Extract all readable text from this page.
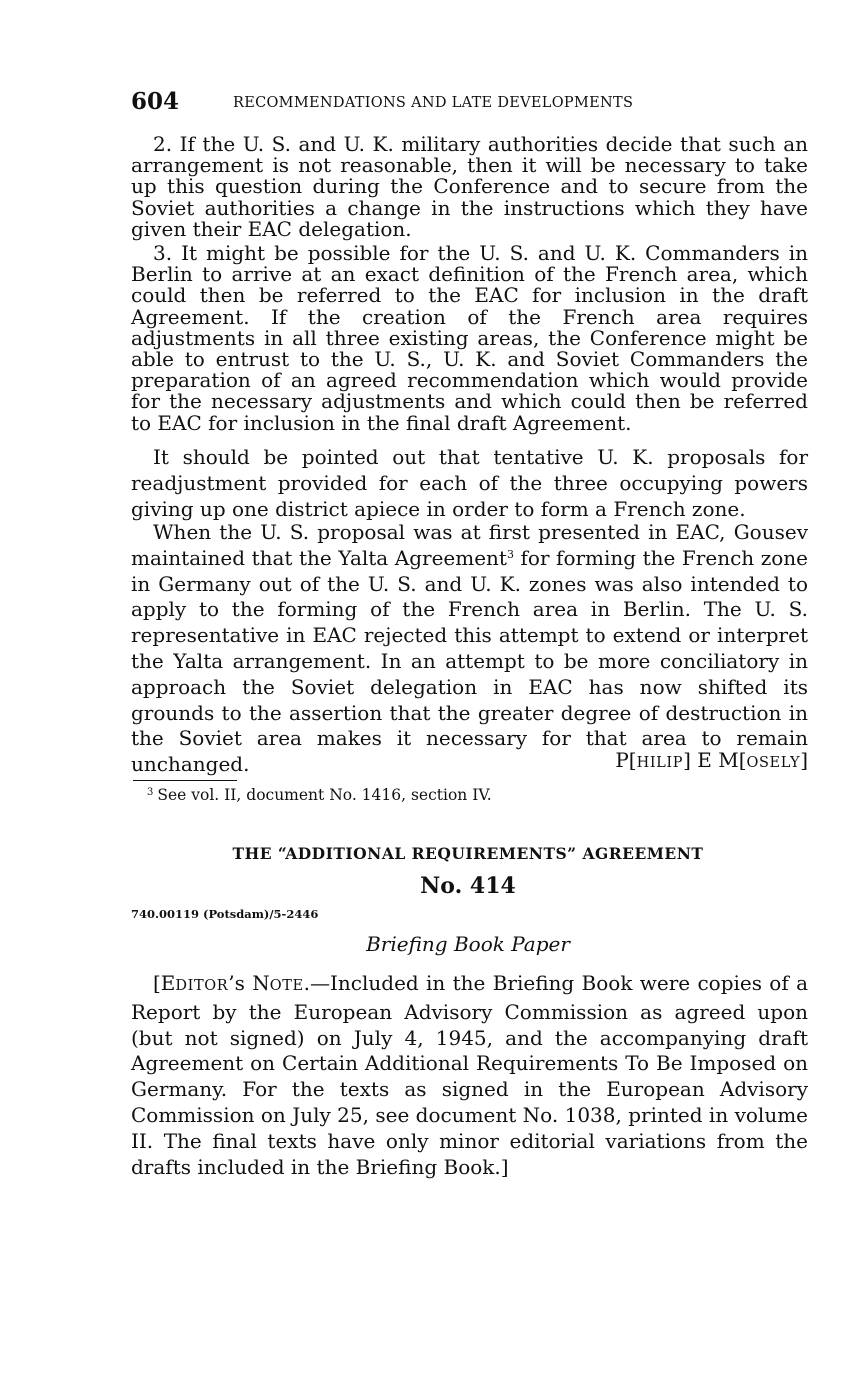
604	RECOMMENDATIONS AND LATE DEVELOPMENTS

2. If the U. S. and U. K. military authorities decide that such an arrangement is not reasonable, then it will be necessary to take up this question during the Conference and to secure from the Soviet authorities a change in the instructions which they have given their EAC delegation.

3. It might be possible for the U. S. and U. K. Commanders in Berlin to arrive at an exact definition of the French area, which could then be referred to the EAC for inclusion in the draft Agreement. If the creation of the French area requires adjustments in all three existing areas, the Conference might be able to entrust to the U. S., U. K. and Soviet Commanders the preparation of an agreed recommendation which would provide for the necessary adjustments and which could then be referred to EAC for inclusion in the final draft Agreement.

It should be pointed out that tentative U. K. proposals for readjustment provided for each of the three occupying powers giving up one district apiece in order to form a French zone.

When the U. S. proposal was at first presented in EAC, Gousev maintained that the Yalta Agreement$^3$ for forming the French zone in Germany out of the U. S. and U. K. zones was also intended to apply to the forming of the French area in Berlin. The U. S. representative in EAC rejected this attempt to extend or interpret the Yalta arrangement. In an attempt to be more conciliatory in approach the Soviet delegation in EAC has now shifted its grounds to the assertion that the greater degree of destruction in the Soviet area makes it necessary for that area to remain unchanged.	P[HILIP] E M[OSELY]
$^3$ See vol. II, document No. 1416, section IV.
THE “ADDITIONAL REQUIREMENTS” AGREEMENT
No. 414
740.00119 (Potsdam)/5-2446
Briefing Book Paper

[EDITOR’s NOTE.—Included in the Briefing Book were copies of a Report by the European Advisory Commission as agreed upon (but not signed) on July 4, 1945, and the accompanying draft Agreement on Certain Additional Requirements To Be Imposed on Germany. For the texts as signed in the European Advisory Commission on July 25, see document No. 1038, printed in volume II. The final texts have only minor editorial variations from the drafts included in the Briefing Book.]
